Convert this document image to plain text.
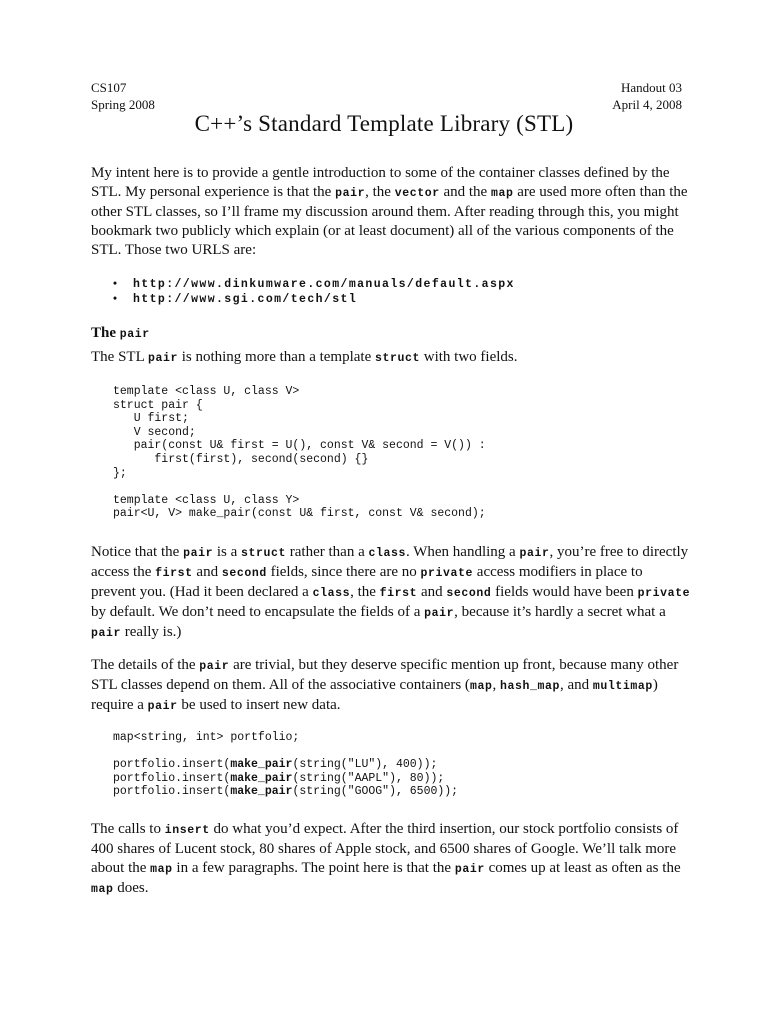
CS107
Spring 2008
Handout 03
April 4, 2008
C++’s Standard Template Library (STL)

My intent here is to provide a gentle introduction to some of the container classes defined by the STL. My personal experience is that the pair, the vector and the map are used more often than the other STL classes, so I’ll frame my discussion around them. After reading through this, you might bookmark two publicly which explain (or at least document) all of the various components of the STL. Those two URLS are:

• http://www.dinkumware.com/manuals/default.aspx
• http://www.sgi.com/tech/stl
The pair

The STL pair is nothing more than a template struct with two fields.

template <class U, class V>
struct pair {
U first;
V second;
pair(const U& first = U(), const V& second = V()) :
first(first), second(second) {}
};

template <class U, class Y>
pair<U, V> make_pair(const U& first, const V& second);

Notice that the pair is a struct rather than a class. When handling a pair, you’re free to directly access the first and second fields, since there are no private access modifiers in place to prevent you. (Had it been declared a class, the first and second fields would have been private by default. We don’t need to encapsulate the fields of a pair, because it’s hardly a secret what a pair really is.)

The details of the pair are trivial, but they deserve specific mention up front, because many other STL classes depend on them. All of the associative containers (map, hash_map, and multimap) require a pair be used to insert new data.

map<string, int> portfolio;

portfolio.insert(make_pair(string("LU"), 400));
portfolio.insert(make_pair(string("AAPL"), 80));
portfolio.insert(make_pair(string("GOOG"), 6500));

The calls to insert do what you’d expect. After the third insertion, our stock portfolio consists of 400 shares of Lucent stock, 80 shares of Apple stock, and 6500 shares of Google. We’ll talk more about the map in a few paragraphs. The point here is that the pair comes up at least as often as the map does.
